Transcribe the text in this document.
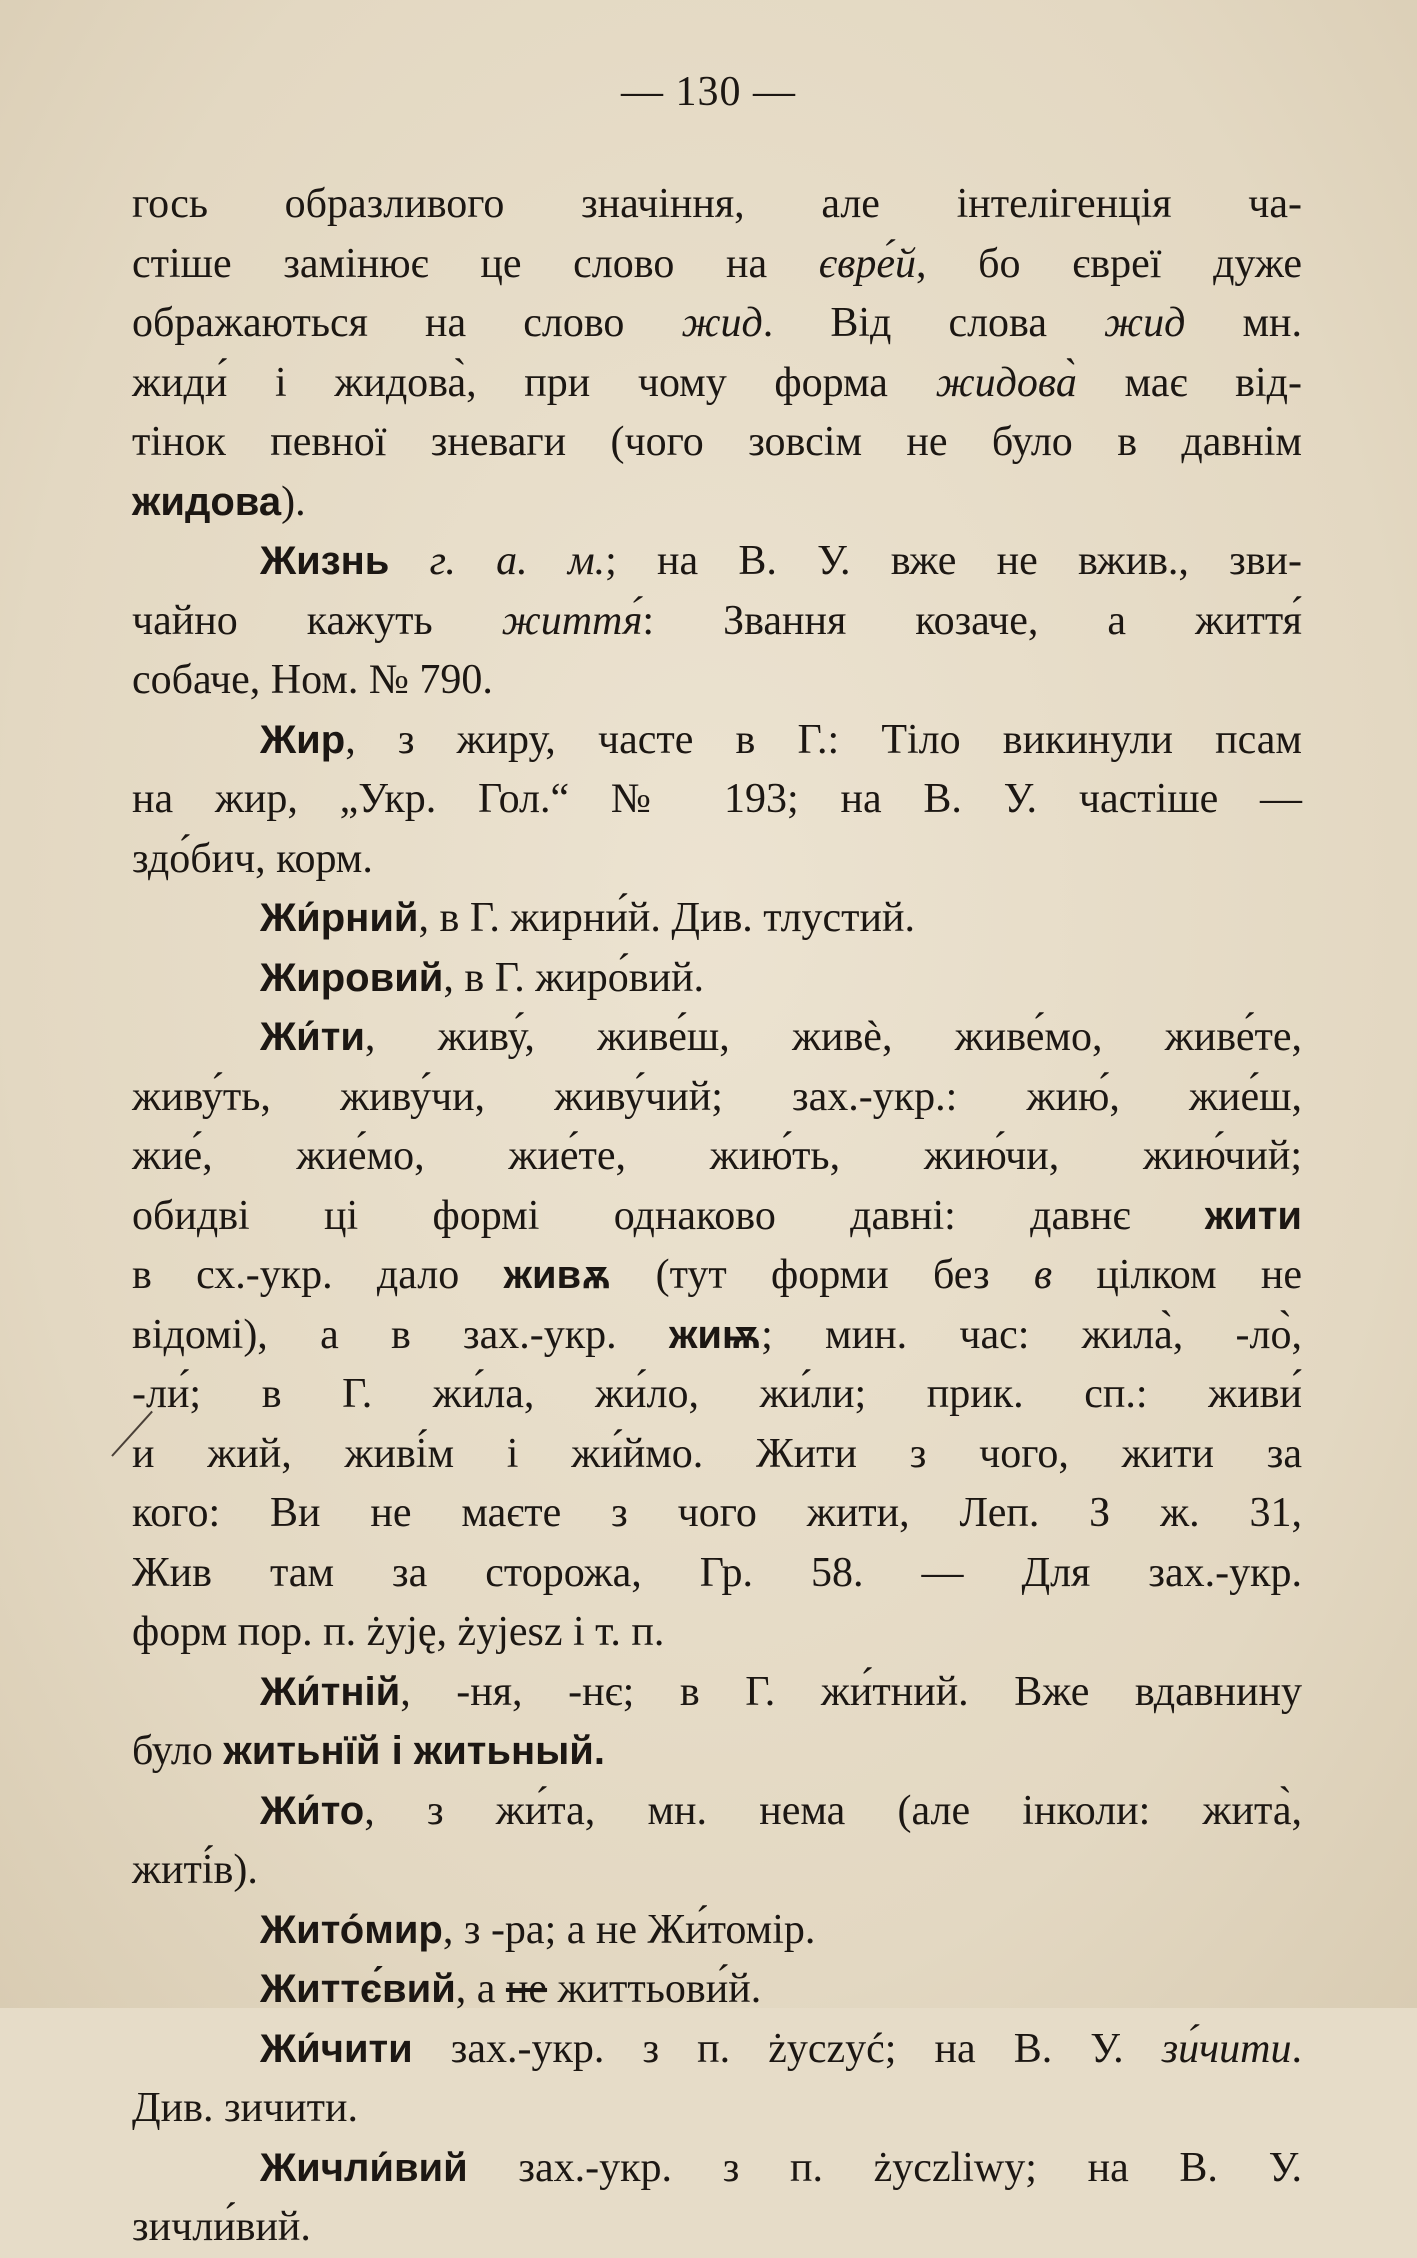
— 130 —
гось образливого значіння, але інтелігенція ча-
стіше замінює це слово на євре́й, бо євреї дуже
ображаються на слово жид. Від слова жид мн.
жиди́ і жидова̀, при чому форма жидова̀ має від-
тінок певної зневаги (чого зовсім не було в давнім
жидова).
Жизнь г. а. м.; на В. У. вже не вжив., зви-
чайно кажуть життя́: Звання козаче, а життя́
собаче, Ном. № 790.
Жир, з жиру, часте в Г.: Тіло викинули псам
на жир, „Укр. Гол.“ № 193; на В. У. частіше —
здо́бич, корм.
Жи́рний, в Г. жирни́й. Див. тлустий.
Жировий, в Г. жиро́вий.
Жи́ти, живу́, живе́ш, живѐ, живе́мо, живе́те,
живу́ть, живу́чи, живу́чий; зах.-укр.: жию́, жие́ш,
жие́, жие́мо, жие́те, жию́ть, жию́чи, жию́чий;
обидві ці формі однаково давні: давнє жити
в сх.-укр. дало живѫ (тут форми без в цілком не
відомі), а в зах.-укр. жиѭ; мин. час: жила̀, -ло̀,
-ли́; в Г. жи́ла, жи́ло, жи́ли; прик. сп.: живи́
и жий, живі́м і жи́ймо. Жити з чого, жити за
кого: Ви не маєте з чого жити, Леп. З ж. 31,
Жив там за сторожа, Гр. 58. — Для зах.-укр.
форм пор. п. żyję, żyjesz і т. п.
Жи́тній, -ня, -нє; в Г. жи́тний. Вже вдавнину
було житьнїй і житьный.
Жи́то, з жи́та, мн. нема (але інколи: жита̀,
житі́в).
Жито́мир, з -ра; а не Жи́томір.
Життє́вий, а не життьови́й.
Жи́чити зах.-укр. з п. życzyć; на В. У. зи́чити.
Див. зичити.
Жичли́вий зах.-укр. з п. życzliwy; на В. У.
зичли́вий.
